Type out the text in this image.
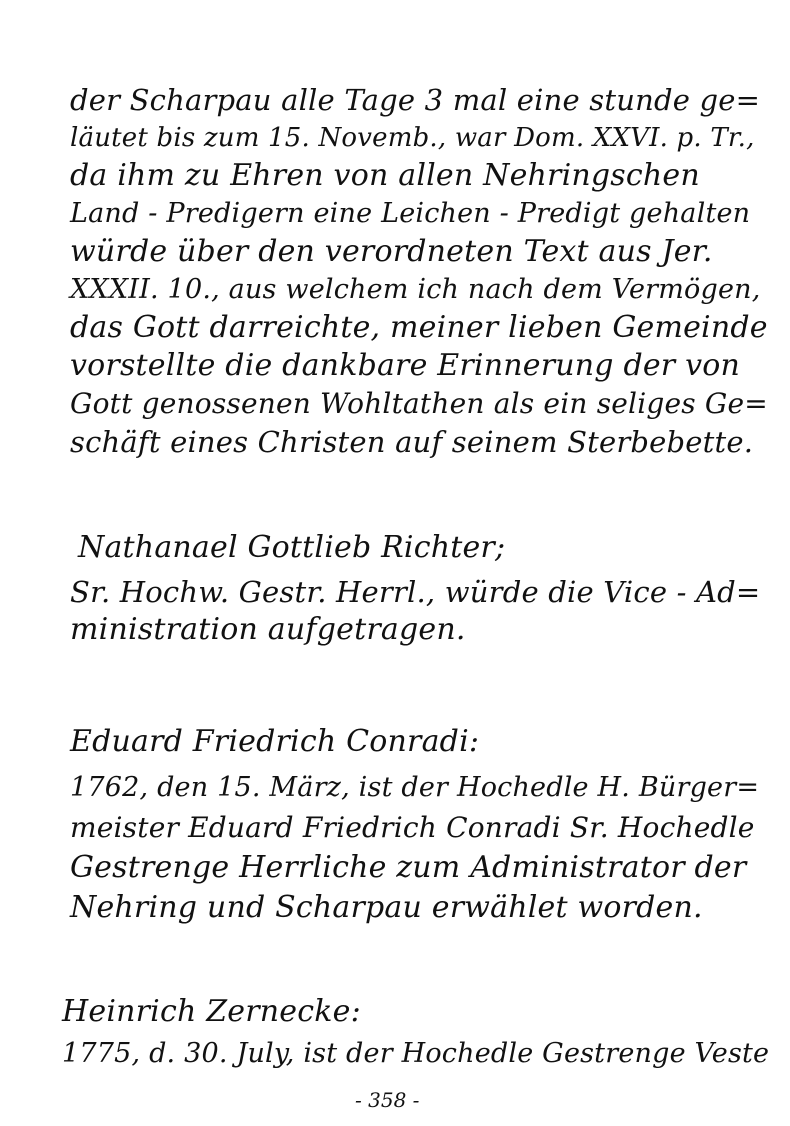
der Scharpau alle Tage 3 mal eine stunde ge=
läutet bis zum 15. Novemb., war Dom. XXVI. p. Tr.,
da ihm zu Ehren von allen Nehringschen
Land - Predigern eine Leichen - Predigt gehalten
würde über den verordneten Text aus Jer.
XXXII. 10., aus welchem ich nach dem Vermögen,
das Gott darreichte, meiner lieben Gemeinde
vorstellte die dankbare Erinnerung der von
Gott genossenen Wohltathen als ein seliges Ge=
schäft eines Christen auf seinem Sterbebette.
Nathanael Gottlieb Richter;
Sr. Hochw. Gestr. Herrl., würde die Vice - Ad=
ministration aufgetragen.
Eduard Friedrich Conradi:
1762, den 15. März, ist der Hochedle H. Bürger=
meister Eduard Friedrich Conradi Sr. Hochedle
Gestrenge Herrliche zum Administrator der
Nehring und Scharpau erwählet worden.
Heinrich Zernecke:
1775, d. 30. July, ist der Hochedle Gestrenge Veste
- 358 -
